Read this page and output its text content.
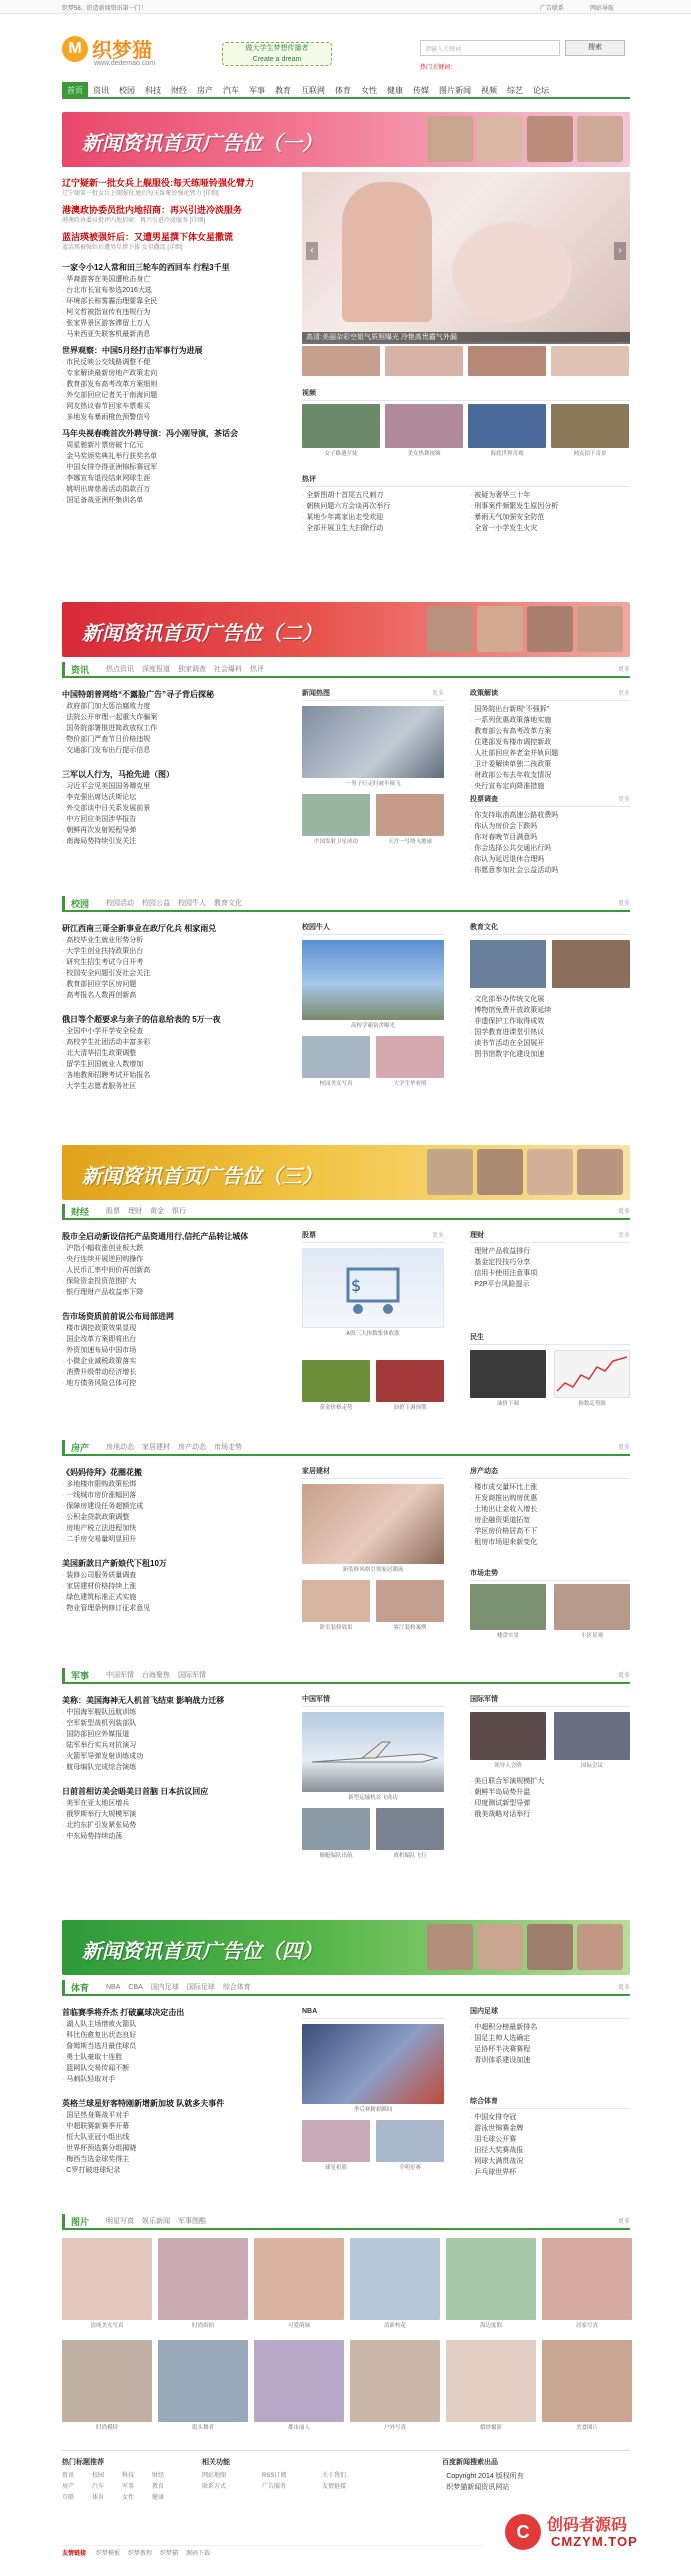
织梦58、织造新闻资讯第一门！	广告联系	网站导航
M 织梦猫
www.dedemao.com
做大学生梦想传播者
Create a dream
请输入关键词	搜索
热门关键词：
首页	资讯	校园	科技	财经	房产	汽车	军事	教育	互联网	体育	女性	健康	传媒	图片新闻	视频	综艺	论坛
新闻资讯首页广告位（一）
辽宁疑新一批女兵上舰服役:每天练哑铃强化臂力
辽宁舰第一批女兵上舰服役,她们每天练哑铃强化臂力 [详细]
港澳政协委员批内地招商：再兴引进冷淡服务
港澳政协委员批评内地招商：再兴引进冷淡服务 [详细]
蓝洁瑛被强奸后：又遭男星撰下体女星撒谎
蓝洁瑛被强奸后遭男星撰下体 女星撒谎 [详细]
一家令小12人常和田三轮车的西回车 行程3千里
· 华裔游客在美国遭枪击身亡
· 台北市长宣布参选2016大选
· 环境部长称雾霾治理要靠全民
· 柯文哲被指宣传有违规行为
· 张家界景区游客滞留上万人
· 马来西亚失联客机最新消息
世界观察：中国5月经打击军事行为进展
· 市民反映公交线路调整不便
· 专家解读最新房地产政策走向
· 教育部发布高考改革方案细则
· 外交部回应记者关于南海问题
· 网友热议春节回家车票难买
· 多地发布暴雨橙色预警信号
马年央视春晚首次外聘导演：冯小刚导演，茶话会
· 周星驰新片票房破十亿元
· 金马奖颁奖典礼举行获奖名单
· 中国女排夺得亚洲锦标赛冠军
· 李娜宣布退役结束网球生涯
· 姚明出席慈善活动捐款百万
· 国足备战亚洲杯集训名单
‹	›
高清:美丽杂彩空姐气质照曝光 冷艳高贵霸气外漏
视频
女子路遇歹徒	美女热舞视频	海底世界奇观	网友拍下奇景
热评
· 全新图胡十首尾五尺刺刀
· 朝核问题六方会谈再次举行
· 某地少年离家出走受欢迎
· 全部开展卫生大扫除行动
· 被疑为奢华三十年
· 刑事案件频繁发生原因分析
· 暴雨天气加强安全防范
· 全省一小学发生火灾
新闻资讯首页广告位（二）
资讯	热点资讯 深度报道 独家调查 社会爆料 热评	更多
中国特朗普网络“不露脸广告”寻子背后探秘
· 政府部门加大惩治腐败力度
· 法院公开审理一起重大诈骗案
· 国务院部署推进简政放权工作
· 物价部门严查节日价格违规
· 交通部门发布出行提示信息
三军以人行为，马抢先进（图）
· 习近平会见美国国务卿克里
· 李克强出席达沃斯论坛
· 外交部谈中日关系发展前景
· 中方回应美国涉华报告
· 朝鲜再次发射短程导弹
· 南海局势持续引发关注
新闻热图	更多
一男子行走时被车撞飞
中国发射卫星成功	天宫一号绕飞地球
政策解读	更多
· 国务院出台新规“不强拆”
· 一系列优惠政策落地实施
· 教育部公布高考改革方案
· 住建部发布楼市调控新政
· 人社部回应养老金并轨问题
· 卫计委解读单独二孩政策
· 财政部公布去年收支情况
· 央行宣布定向降准措施
投票调查	更多
· 你支持取消高速公路收费吗
· 你认为房价会下跌吗
· 你对春晚节目满意吗
· 你会选择公共交通出行吗
· 你认为延迟退休合理吗
· 你愿意参加社会公益活动吗
校园	校园活动 校园公益 校园牛人 教育文化	更多
研江西南三哥全新事业在政厅化兵 相家雨兑
· 高校毕业生就业形势分析
· 大学生创业扶持政策出台
· 研究生招生考试今日开考
· 校园安全问题引发社会关注
· 教育部回应学区房问题
· 高考报名人数再创新高
俄日等个超要求与亲子的信息给表的 5万一夜
· 全国中小学开学安全检查
· 高校学生社团活动丰富多彩
· 北大清华招生政策调整
· 留学生回国就业人数增加
· 各地教师招聘考试开始报名
· 大学生志愿者服务社区
校园牛人
高校学霸宿舍曝光
校园美女写真	大学生毕业照
教育文化
· 文化部举办传统文化展
· 博物馆免费开放政策延续
· 非遗保护工作取得成效
· 国学教育进课堂引热议
· 读书节活动在全国展开
· 图书馆数字化建设加速
新闻资讯首页广告位（三）
财经	股票 理财 黄金 银行	更多
股市全启动新设信托产品资通用行,信托产品转让城体
· 沪指小幅收涨创业板大跌
· 央行连续开展逆回购操作
· 人民币汇率中间价再创新高
· 保险资金投资范围扩大
· 银行理财产品收益率下降
告市场资质前前说公布局部进网
· 楼市调控政策效果显现
· 国企改革方案即将出台
· 外资加速布局中国市场
· 小微企业减税政策落实
· 消费升级带动经济增长
· 地方债务风险总体可控
股票	更多
$
A股三大指数集体收涨
黄金价格走势	油价下调预期
理财	更多
· 理财产品收益排行
· 基金定投技巧分享
· 信用卡使用注意事项
· P2P平台风险提示
民生
油价下调	指数走势图
房产	房地动态 家居建材 房产动态 市场走势	更多
《妈妈待拜》花圈花搬
· 多地楼市限购政策松绑
· 一线城市房价涨幅回落
· 保障房建设任务超额完成
· 公积金贷款政策调整
· 房地产税立法进程加快
· 二手房交易量明显回升
美国新款日产新娘代下租10万
· 装修公司服务质量调查
· 家居建材价格持续上涨
· 绿色建筑标准正式实施
· 物业管理条例修订征求意见
家居建材
新装修风格引领家居潮流
卧室装修效果	客厅装修案例
房产动态
· 楼市成交量环比上涨
· 开发商推出购房优惠
· 土地出让金收入增长
· 房企融资渠道拓宽
· 学区房价格居高不下
· 租房市场迎来新变化
市场走势
楼盘实景	小区景观
军事	中国军情 台海聚焦 国际军情	更多
美称：美国海神无人机首飞结束 影响战力迁移
· 中国海军舰队远航训练
· 空军新型战机列装部队
· 国防部回应外媒报道
· 陆军举行实兵对抗演习
· 火箭军导弹发射训练成功
· 航母编队完成综合演练
日前首相访美会晤美日首脑 日本抗议回应
· 美军在亚太地区增兵
· 俄罗斯举行大规模军演
· 北约东扩引发紧张局势
· 中东局势持续动荡
中国军情
新型运输机首飞成功
舰艇编队出航	战机编队飞行
国际军情
领导人会晤	国际会议
· 美日联合军演规模扩大
· 朝鲜半岛局势升温
· 印度测试新型导弹
· 俄美战略对话举行
新闻资讯首页广告位（四）
体育	NBA CBA 国内足球 国际足球 综合体育	更多
首临赛季将乔杰 打破赢球决定击出
· 湖人队主场惜败火箭队
· 科比伤愈复出状态良好
· 詹姆斯当选月最佳球员
· 勇士队豪取十连胜
· 篮网队交易传闻不断
· 马刺队轻取对手
英格兰球星好客特刚新增新加坡 队就多夫事件
· 国足热身赛战平对手
· 中超联赛新赛季开幕
· 恒大队亚冠小组出线
· 世界杯预选赛分组揭晓
· 梅西当选金球奖得主
· C罗打破进球纪录
NBA
季后赛精彩瞬间
球星扣篮	全明星赛
国内足球
· 中超积分榜最新排名
· 国足主帅人选确定
· 足协杯半决赛赛程
· 青训体系建设加速
综合体育
· 中国女排夺冠
· 游泳世锦赛金牌
· 羽毛球公开赛
· 田径大奖赛战报
· 网球大满贯战况
· 乒乓球世界杯
图片	明星写真 娱乐新闻 军事图酷	更多
清纯美女写真	时尚街拍	可爱萌妹	清新校花	海边度假	居家写真
时尚模特	街头舞者	都市丽人	户外写真	婚纱摄影	美食图片
热门标题推荐
资讯	校园	科技	财经
房产	汽车	军事	教育
互联	体育	女性	健康
相关功能
网站地图	RSS订阅	关于我们
联系方式	广告服务	友情链接
百度新闻搜索出品
· Copyright 2014 版权所有
· 织梦猫新闻资讯网站
友情链接 织梦模板 织梦教程 织梦猫 源码下载
C	创码者源码
CMZYM.TOP
